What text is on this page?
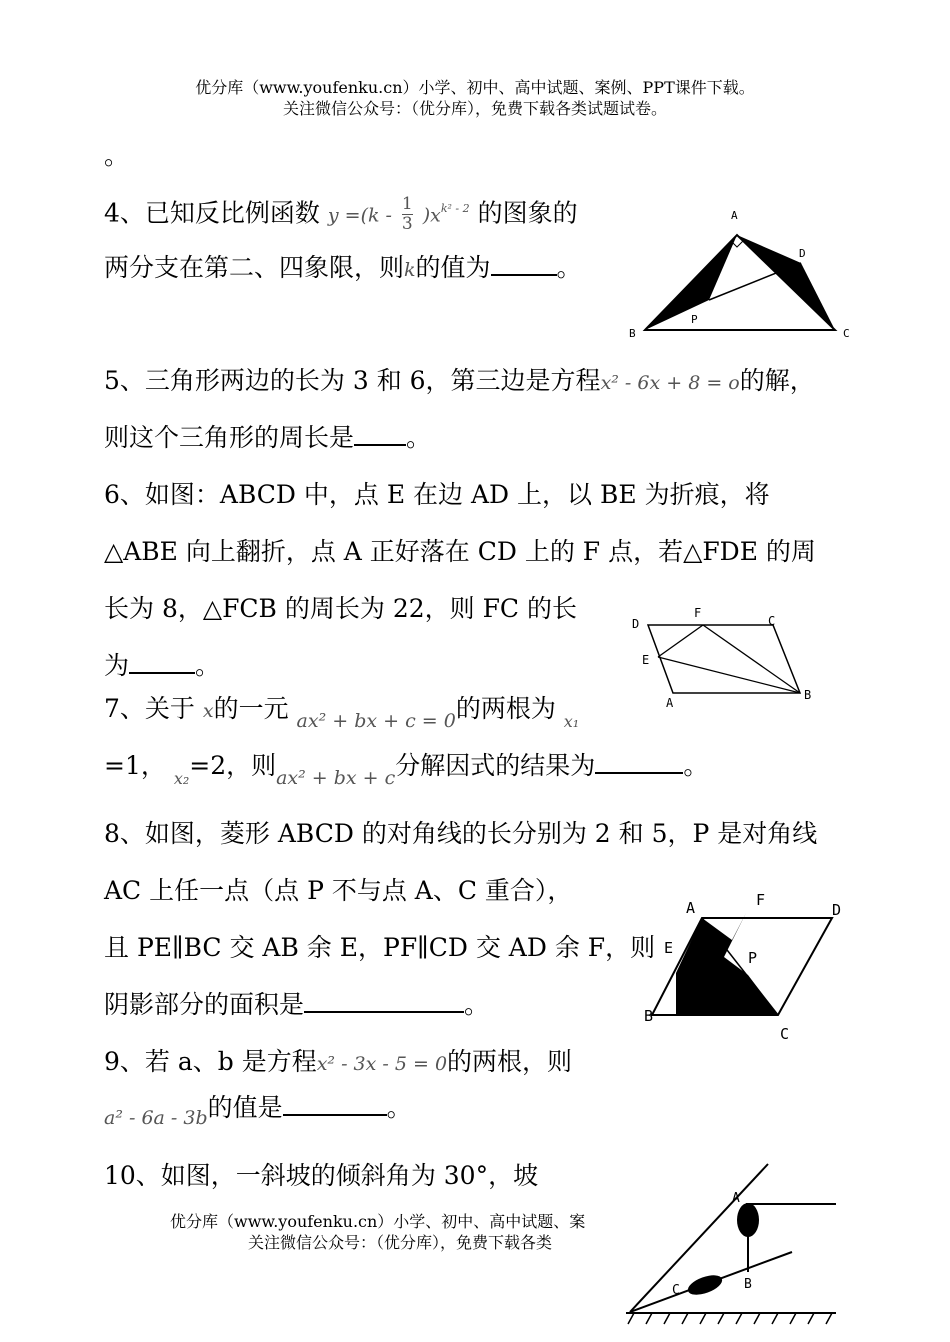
优分库（www.youfenku.cn）小学、初中、高中试题、案例、PPT课件下载。
关注微信公众号：（优分库），免费下载各类试题试卷。
。
4、已知反比例函数 $y =(k - \frac{1}{3} )x^{k^2 - 2}$ 的图象的
两分支在第二、四象限，则k的值为	。
A
B	C
D
P
5、三角形两边的长为 3 和 6，第三边是方程x² - 6x + 8 = o的解，
则这个三角形的周长是 。
6、如图：ABCD 中，点 E 在边 AD 上，以 BE 为折痕，将
△ABE 向上翻折，点 A 正好落在 CD 上的 F 点，若△FDE 的周
长为 8，△FCB 的周长为 22，则 FC 的长
为	。
D
F
C
E
A
B
7、关于 x的一元 $_{ax^2 + bx + c = 0}$的两根为 $_{x_1}$
=1， $_{x_2}$=2，则$_{ax^2 + bx + c}$分解因式的结果为	。
8、如图，菱形 ABCD 的对角线的长分别为 2 和 5，P 是对角线
AC 上任一点（点 P 不与点 A、C 重合），
且 PE∥BC 交 AB 余 E，PF∥CD 交 AD 余 F，则
阴影部分的面积是	。
A	F
D
E
P
B
C
9、若 a、b 是方程x² - 3x - 5 = 0的两根，则
$_{a^2 - 6a - 3b}$的值是	。
10、如图，一斜坡的倾斜角为 30°，坡
A
B
C
优分库（www.youfenku.cn）小学、初中、高中试题、案
关注微信公众号：（优分库），免费下载各类
